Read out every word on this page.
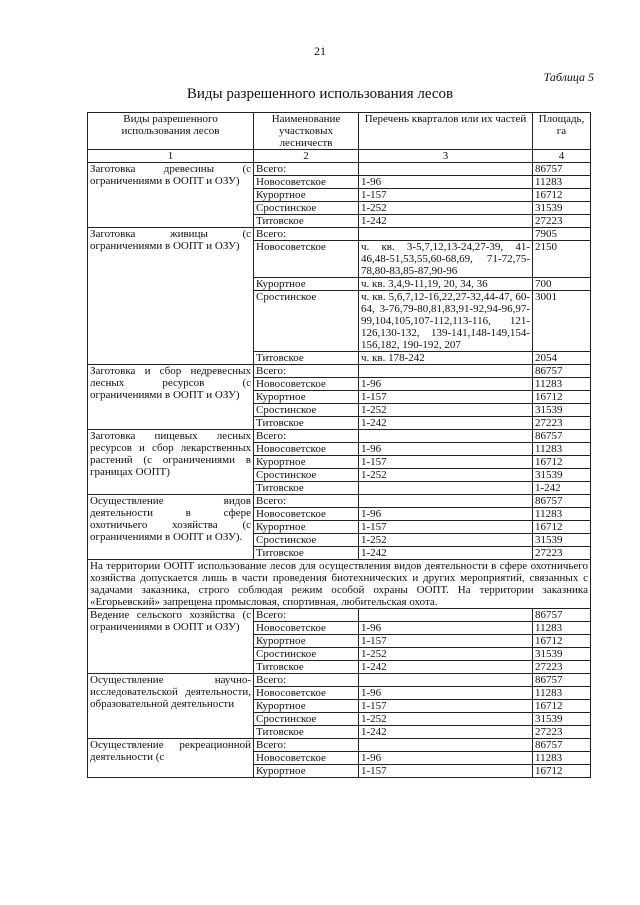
21
Таблица 5
Виды разрешенного использования лесов
Виды разрешенного использования лесов	Наименование участковых лесничеств	Перечень кварталов или их частей	Площадь, га
1	2	3	4
Заготовка древесины (с ограничениями в ООПТ и ОЗУ)	Всего:		86757
	Новосоветское	1-96	11283
	Курортное	1-157	16712
	Сростинское	1-252	31539
	Титовское	1-242	27223
Заготовка живицы (с ограничениями в ООПТ и ОЗУ)	Всего:		7905
	Новосоветское	ч. кв. 3-5,7,12,13-24,27-39, 41-46,48-51,53,55,60-68,69, 71-72,75-78,80-83,85-87,90-96	2150
	Курортное	ч. кв. 3,4,9-11,19, 20, 34, 36	700
	Сростинское	ч. кв. 5,6,7,12-16,22,27-32,44-47, 60-64, 3-76,79-80,81,83,91-92,94-96,97-99,104,105,107-112,113-116, 121-126,130-132, 139-141,148-149,154-156,182, 190-192, 207	3001
	Титовское	ч. кв. 178-242	2054
Заготовка и сбор недревесных лесных ресурсов (с ограничениями в ООПТ и ОЗУ)	Всего:		86757
	Новосоветское	1-96	11283
	Курортное	1-157	16712
	Сростинское	1-252	31539
	Титовское	1-242	27223
Заготовка пищевых лесных ресурсов и сбор лекарственных растений (с ограничениями в границах ООПТ)	Всего:		86757
	Новосоветское	1-96	11283
	Курортное	1-157	16712
	Сростинское	1-252	31539
	Титовское		1-242
Осуществление видов деятельности в сфере охотничьего хозяйства (с ограничениями в ООПТ и ОЗУ).	Всего:		86757
	Новосоветское	1-96	11283
	Курортное	1-157	16712
	Сростинское	1-252	31539
	Титовское	1-242	27223
На территории ООПТ использование лесов для осуществления видов деятельности в сфере охотничьего хозяйства допускается лишь в части проведения биотехнических и других мероприятий, связанных с задачами заказника, строго соблюдая режим особой охраны ООПТ. На территории заказника «Егорьевский» запрещена промысловая, спортивная, любительская охота.			
Ведение сельского хозяйства (с ограничениями в ООПТ и ОЗУ)	Всего:		86757
	Новосоветское	1-96	11283
	Курортное	1-157	16712
	Сростинское	1-252	31539
	Титовское	1-242	27223
Осуществление научно-исследовательской деятельности, образовательной деятельности	Всего:		86757
	Новосоветское	1-96	11283
	Курортное	1-157	16712
	Сростинское	1-252	31539
	Титовское	1-242	27223
Осуществление рекреационной деятельности (с	Всего:		86757
	Новосоветское	1-96	11283
	Курортное	1-157	16712
